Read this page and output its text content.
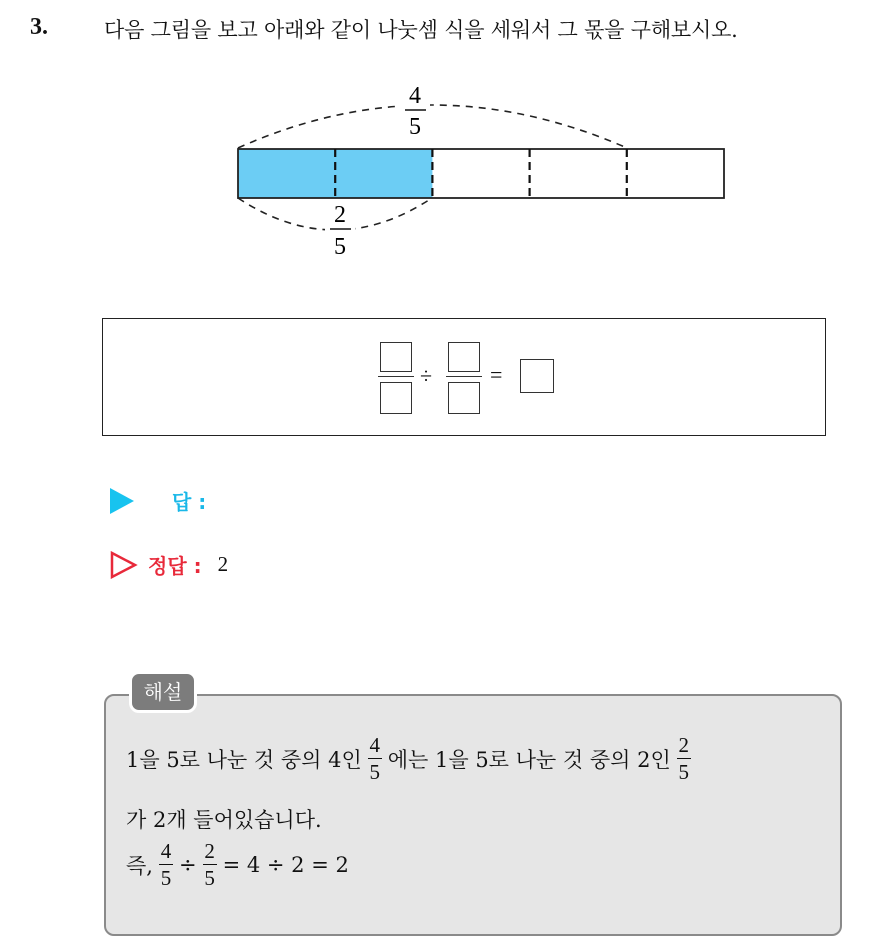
3.	다음 그림을 보고 아래와 같이 나눗셈 식을 세워서 그 몫을 구해보시오.
4
5
2
5
÷	=
답 :
정답 : 2
해설
1을 5로 나눈 것 중의 4인
4
5
에는 1을 5로 나눈 것 중의 2인
2
5
가 2개 들어있습니다.
즉,
4
5
÷
2
5
= 4 ÷ 2 = 2
